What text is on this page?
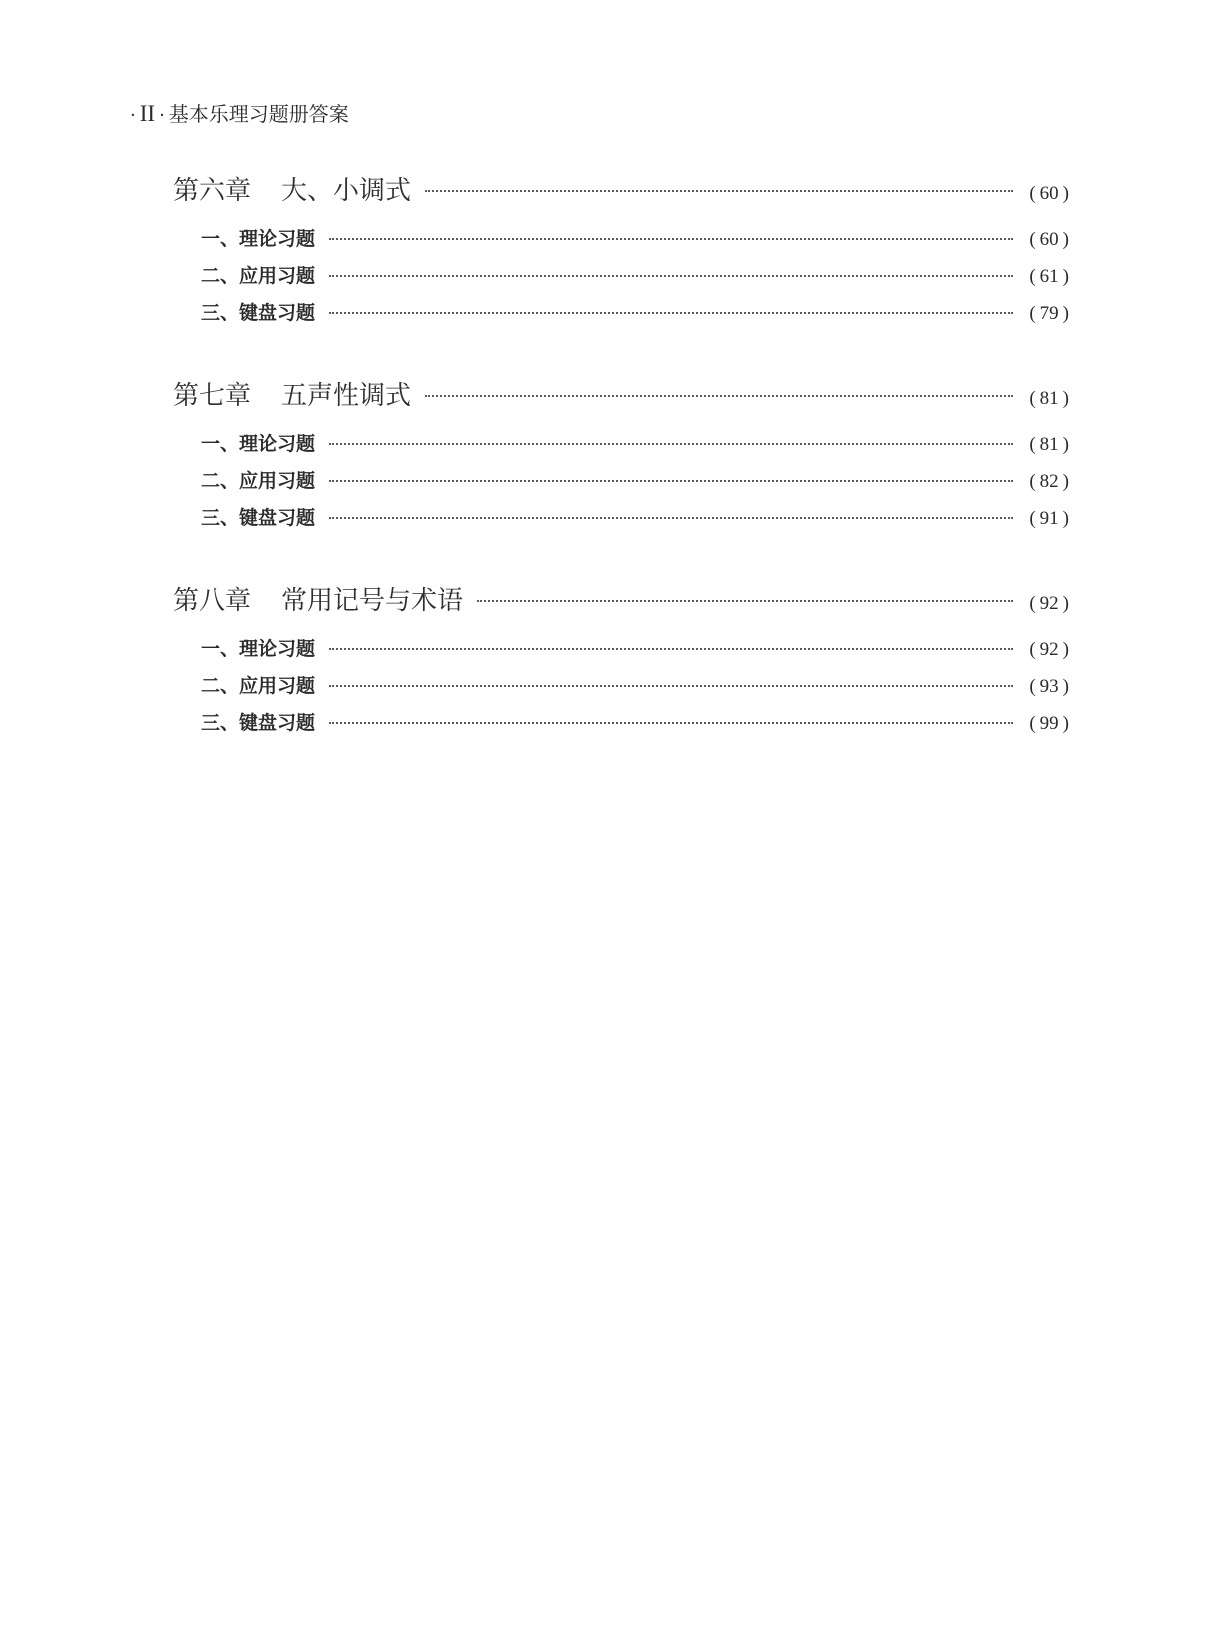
· II · 基本乐理习题册答案
第六章 大、小调式	( 60 )
一、理论习题	( 60 )
二、应用习题	( 61 )
三、键盘习题	( 79 )
第七章 五声性调式	( 81 )
一、理论习题	( 81 )
二、应用习题	( 82 )
三、键盘习题	( 91 )
第八章 常用记号与术语	( 92 )
一、理论习题	( 92 )
二、应用习题	( 93 )
三、键盘习题	( 99 )
